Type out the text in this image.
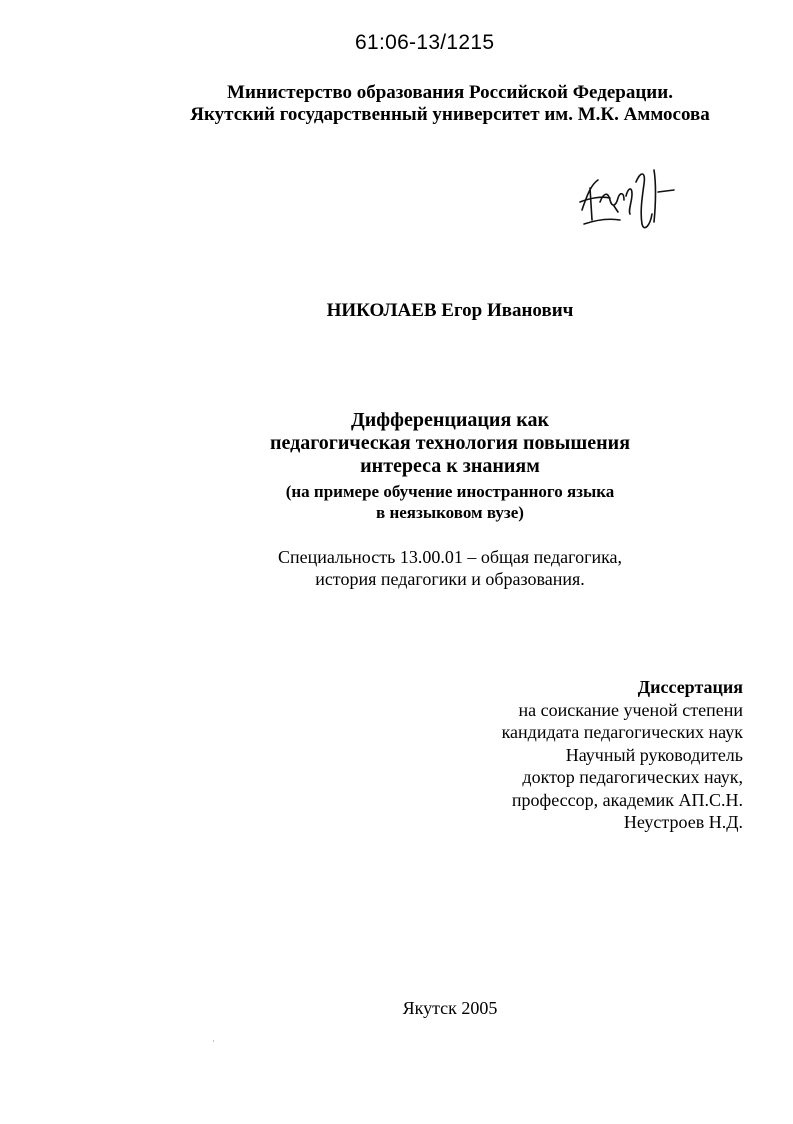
61:06-13/1215
Министерство образования Российской Федерации.
Якутский государственный университет им. М.К. Аммосова
НИКОЛАЕВ Егор Иванович
Дифференциация как
педагогическая технология повышения
интереса к знаниям
(на примере обучение иностранного языка
в неязыковом вузе)
Специальность 13.00.01 – общая педагогика,
история педагогики и образования.
Диссертация
на соискание ученой степени
кандидата педагогических наук
Научный руководитель
доктор педагогических наук,
профессор, академик АП.С.Н.
Неустроев Н.Д.
Якутск 2005
